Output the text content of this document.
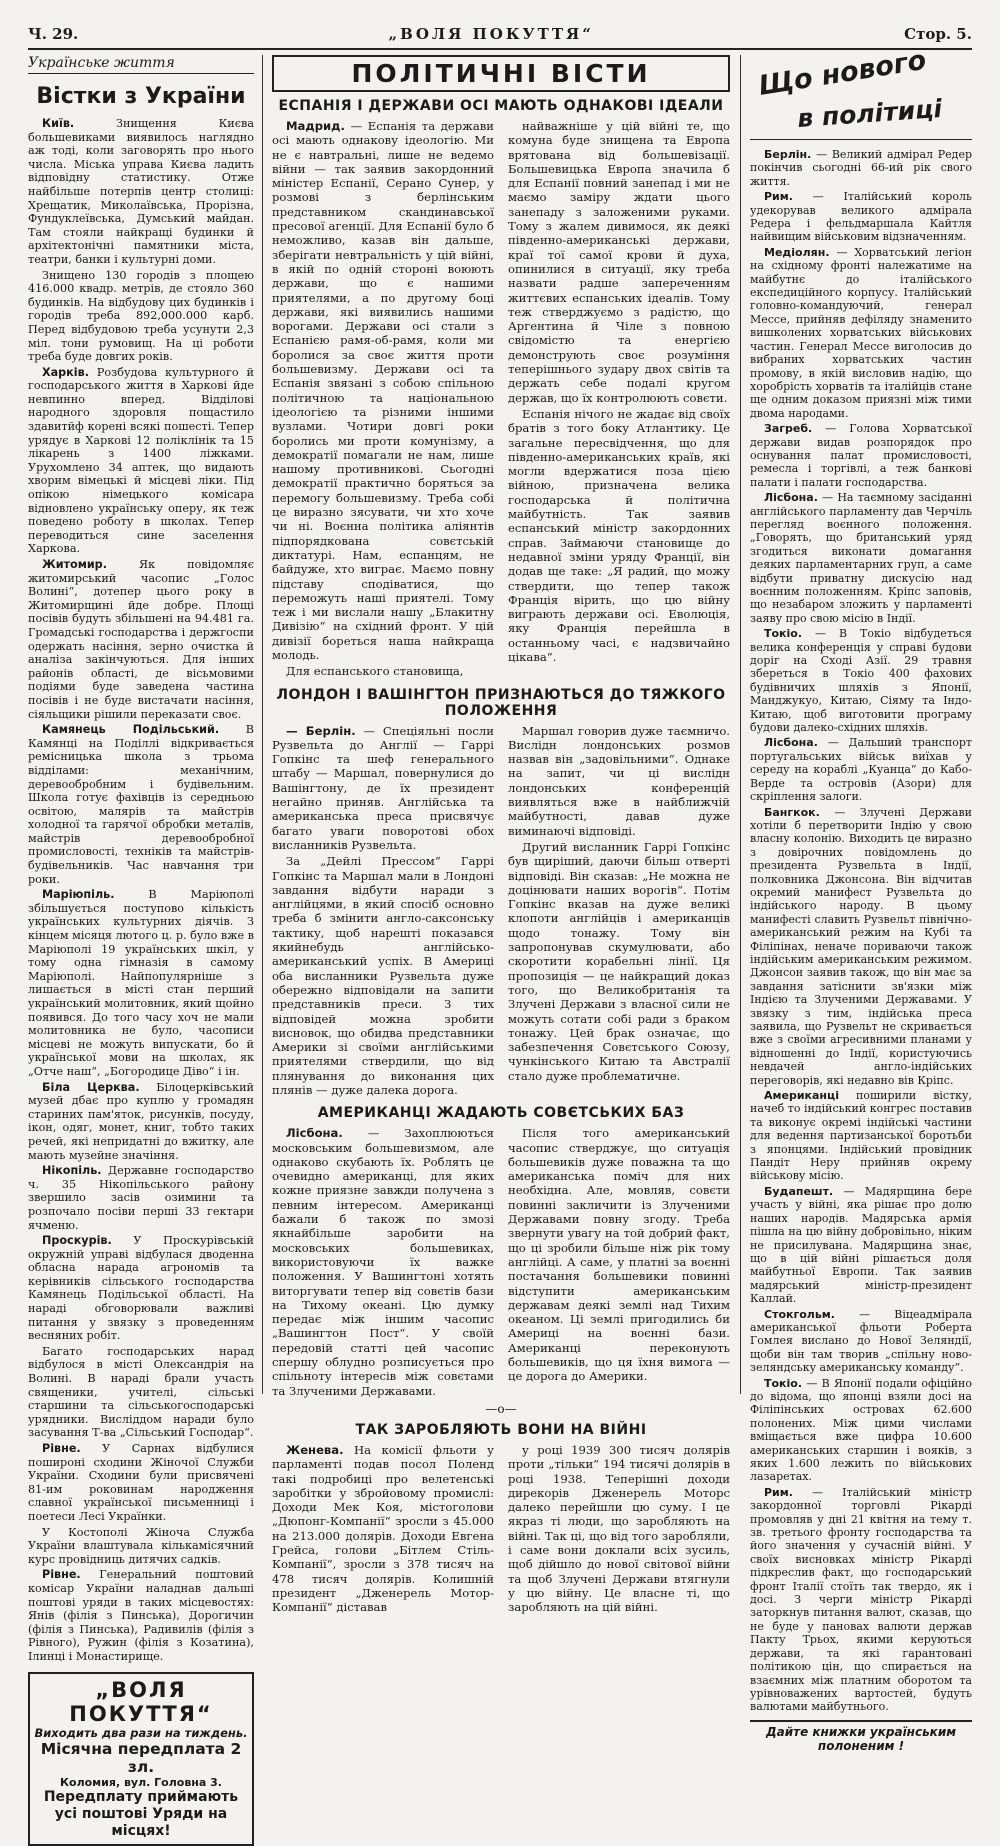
Ч. 29.	„ВОЛЯ ПОКУТТЯ“	Стор. 5.
Українське життя
Вістки з України

Київ.	Знищення Києва большевиками виявилось наглядно аж тоді, коли заговорять про нього числа. Міська управа Києва ладить відповідну статистику. Отже найбільше потерпів центр столиці: Хрещатик, Миколаївська, Прорізна, Фундуклеївська, Думський майдан. Там стояли найкращі будинки й архітектонічні памятники міста, театри, банки і культурні доми.

Знищено 130 городів з площею 416.000 квадр. метрів, де стояло 360 будинків. На відбудову цих будинків і городів треба 892,000.000 карб. Перед відбудовою треба усунути 2,3 міл. тони румовищ. На ці роботи треба буде довгих років.

Харків. Розбудова культурного й господарського життя в Харкові йде невпинно вперед. Відділові народного здоровля пощастило здавитйф корені всякі пошесті. Тепер урядує в Харкові 12 поліклінік та 15 лікарень з 1400 ліжками. Урухомлено 34 аптек, що видають хворим вімецькі й місцеві ліки. Під опікою німецького комісара відновлено українську оперу, як теж поведено роботу в школах. Тепер переводиться сине заселення Харкова.

Житомир.	Як повідомляє житомирський часопис „Голос Волині“, дотепер цього року в Житомирщині йде добре. Площі посівів будуть збільшені на 94.481 га. Громадські господарства і держгоспи одержать насіння, зерно очистка й аналіза закінчуються. Для інших районів області, де вісьмовими подіями буде заведена частина посівів і не буде вистачати насіння, сіяльщики рішили переказати своє.

Камянець Подільський. В Камянці на Поділлі відкривається ремісницька школа з трьома відділами: механічним, деревообробним і будівельним. Школа готує фахівців із середньою освітою, малярів та майстрів холодної та гарячої обробки металів, майстрів деревообробної промисловості, техніків та майстрів-будівельників. Час навчання три роки.

Маріюпіль.	В Маріюполі збільшується поступово кількість українських культурних діячів. З кінцем місяця лютого ц. р. було вже в Маріюполі 19 українських шкіл, у тому одна гімназія в самому Маріюполі. Найпопулярніше з лишається в місті стан перший український молитовник, який щойно появився. До того часу хоч не мали молитовника не було, часописи місцеві не можуть випускати, бо й української мови на школах, як „Отче наш“, „Богородице Діво“ і ін.

Біла Церква. Білоцерківський музей дбає про куплю у громадян стариних пам'яток, рисунків, посуду, ікон, одяг, монет, книг, тобто таких речей, які непридатні до вжитку, але мають музейне значіння.

Нікопіль. Державне господарство ч. 35 Нікопільського району звершило засів озимини та розпочало посіви перші 33 гектари ячменю.

Проскурів. У Проскурівській окружній управі відбулася дводенна обласна нарада агрономів та керівників сільського господарства Камянець Подільської області. На нараді обговорювали важливі питання у звязку з проведенням весняних робіт.

Багато господарських нарад відбулося в місті Олександрія на Волині. В нараді брали участь священики, учителі, сільські старшини та сільськогосподарські урядники. Висліддом наради було засування Т-ва „Сільський Господар“.

Рівне. У Сарнах відбулися пошироні сходини Жіночої Служби України. Сходини були присвячені 81-им роковинам народження славної української письменниці і поетеси Лесі Українки.

У Костополі Жіноча Служба України влаштувала кількамісячний курс провідниць дитячих садків.

Рівне. Генеральний поштовий комісар України наладнав дальші поштові уряди в таких місцевостях: Янів (філія з Пинська), Дорогичин (філія з Пинська), Радивилів (філія з Рівного), Ружин (філія з Козатина), Ілинці і Монастирище.

„ВОЛЯ ПОКУТТЯ“
Виходить два рази на тиждень.
Місячна передплата 2 зл.
Коломия, вул. Головна 3.
Передплату приймають усі поштові Уряди на місцях!
ПОЛІТИЧНІ ВІСТИ
ЕСПАНІЯ І ДЕРЖАВИ ОСІ МАЮТЬ ОДНАКОВІ ІДЕАЛИ

Мадрид. — Еспанія та держави осі мають однакову ідеологію. Ми не є навтральні, лише не ведемо війни — так заявив закордонний міністер Еспанії, Серано Сунер, у розмові з берлінським представником скандинавської пресової агенції. Для Еспанії було б неможливо, казав він дальше, зберігати невтральність у цій війні, в якій по одній стороні воюють держави, що є нашими приятелями, а по другому боці держави, які виявились нашими ворогами. Держави осі стали з Еспанією рамя-об-рамя, коли ми боролися за своє життя проти большевизму. Держави осі та Еспанія звязані з собою спільною політичною та національною ідеологією та різними іншими вузлами. Чотири довгі роки боролись ми проти комунізму, а демократії помагали не нам, лише нашому противникові. Сьогодні демократії практично боряться за перемогу большевизму. Треба собі це виразно зясувати, чи хто хоче чи ні. Воєнна політика аліянтів підпорядкована совєтській диктатурі. Нам, еспанцям, не байдуже, хто виграє. Маємо повну підставу сподіватися, що переможуть наші приятелі. Тому теж і ми вислали нашу „Блакитну Дивізію“ на східний фронт. У цій дивізії бореться наша найкраща молодь.

Для еспанського становища,

найважніше у цій війні те, що комуна буде знищена та Европа врятована від большевізації. Большевицька Европа значила б для Еспанії повний занепад і ми не маємо заміру ждати цього занепаду з заложеними руками. Тому з жалем дивимося, як деякі південно-американські держави, краї тої самої крови й духа, опинилися в ситуації, яку треба назвати радше запереченням життєвих еспанських ідеалів. Тому теж стверджуємо з радістю, що Аргентина й Чіле з повною свідомістю та енергією демонструють своє розуміння теперішнього зудару двох світів та держать себе подалі кругом держав, що їх контролюють совєти.

Еспанія нічого не жадає від своїх братів з того боку Атлантику. Це загальне пересвідчення, що для південно-американських країв, які могли вдержатися поза цією війною, призначена велика господарська й політична майбутність. Так заявив еспанський міністр закордонних справ. Займаючи становище до недавної зміни уряду Франції, він додав ще таке: „Я радий, що можу ствердити, що тепер також Франція вірить, що цю війну виграють держави осі. Еволюція, яку Франція перейшла в останньому часі, є надзвичайно цікава“.

ЛОНДОН І ВАШІНГТОН ПРИЗНАЮТЬСЯ ДО ТЯЖКОГО ПОЛОЖЕННЯ

— Берлін. — Спеціяльні посли Рузвельта до Англії — Гаррі Гопкінс та шеф генерального штабу — Маршал, повернулися до Вашінгтону, де їх президент негайно приняв. Англійська та американська преса присвячує багато уваги поворотові обох висланників Рузвельта.

За „Дейлі Прессом“ Гаррі Гопкінс та Маршал мали в Лондоні завдання відбути наради з англійцями, в який спосіб основно треба б змінити англо-саксонську тактику, щоб нарешті показався якийнебудь англійсько-американський успіх. В Америці оба висланники Рузвельта дуже обережно відповідали на запити представників преси. З тих відповідей можна зробити висновок, що обидва представники Америки зі своїми англійськими приятелями ствердили, що від плянування до виконання цих плянів — дуже далека дорога.

Маршал говорив дуже таємничо. Вислідн лондонських розмов назвав він „задовільними“. Однаке на запит, чи ці вислідн лондонських конференцій виявляться вже в найближчій майбутності, давав дуже виминаючі відповіді.

Другий висланник Гаррі Гопкінс був щиріший, даючи більш отверті відповіді. Він сказав: „Не можна не доцінювати наших ворогів“. Потім Гопкінс вказав на дуже великі клопоти англійців і американців щодо тонажу. Тому він запропонував скумулювати, або скоротити корабельні лінії. Ця пропозиція — це найкращий доказ того, що Великобританія та Злучені Держави з власної сили не можуть сотати собі ради з браком тонажу. Цей брак означає, що забезпечення Совєтського Союзу, чункінського Китаю та Австралії стало дуже проблематичне.

АМЕРИКАНЦІ ЖАДАЮТЬ СОВЄТСЬКИХ БАЗ

Лісбона. — Захоплюються московським большевизмом, але однаково скубають їх. Роблять це очевидно американці, для яких кожне приязне завжди получена з певним інтересом. Американці бажали б також по змозі якнайбільше заробити на московських большевиках, використовуючи їх важке положення. У Вашингтоні хотять виторгувати тепер від совєтів бази на Тихому океані. Цю думку передає між іншим часопис „Вашингтон Пост“. У своїй передовій статті цей часопис спершу облудно розписується про спільноту інтересів між совєтами та Злученими Державами.

Після того американський часопис стверджує, що ситуація большевиків дуже поважна та що американська поміч для них необхідна. Але, мовляв, совєти повинні закличити із Злученими Державами повну згоду. Треба звернути увагу на той добрий факт, що ці зробили більше ніж рік тому англійці. А саме, у платні за воєнні постачання большевики повинні відступити американським державам деякі землі над Тихим океаном. Ці землі пригодились би Америці на воєнні бази. Американці переконують большевиків, що ця їхня вимога — це дорога до Америки.

—о—
ТАК ЗАРОБЛЯЮТЬ ВОНИ НА ВІЙНІ

Женева. На комісії фльоти у парламенті подав посол Поленд такі подробиці про велетенські заробітки у збройовому промислі: Доходи Мек Коя, містоголови „Дюпонг-Компанії“ зросли з 45.000 на 213.000 долярів. Доходи Евгена Грейса, голови „Бітлем Стіль-Компанії“, зросли з 378 тисяч на 478 тисяч долярів. Колишній президент „Дженерель Мотор-Компанії“ діставав

у році 1939 300 тисяч долярів проти „тільки“ 194 тисячі долярів в році 1938. Теперішні доходи дирекорів Дженерель Моторс далеко перейшли цю суму. І це якраз ті люди, що заробляють на війні. Так ці, що від того заробляли, і саме вони доклали всіх зусиль, щоб дійшло до нової світової війни та щоб Злучені Держави втягнули у цю війну. Це власне ті, що заробляють на цій війні.

Що нового
в політиці

Берлін. — Великий адмірал Редер покінчив сьогодні 66-ий рік свого життя.

Рим. — Італійський король удекорував великого адмірала Редера і фельдмаршала Кайтля найвищим військовим відзначенням.

Медіолян. — Хорватський легіон на східному фронті належатиме на майбутнє до італійського експедиційного корпусу. Італійський головно-командуючий, генерал Мессе, прийняв дефіляду знаменито вишколених хорватських військових частин. Генерал Мессе виголосив до вибраних хорватських частин промову, в якій висловив надію, що хоробрість хорватів та італійців стане ще одним доказом приязні між тими двома народами.

Загреб. — Голова Хорватської держави видав розпорядок про оснування палат промисловості, ремесла і торгівлі, а теж банкові палати і палати господарства.

Лісбона. — На таємному засіданні англійського парламенту дав Черчіль перегляд воєнного положення. „Говорять, що британський уряд згодиться виконати домагання деяких парламентарних груп, а саме відбути приватну дискусію над воєнним положенням. Кріпс заповів, що незабаром зложить у парламенті заяву про свою місію в Індії.

Токіо. — В Токіо відбудеться велика конференція у справі будови доріг на Сході Азії. 29 травня збереться в Токіо 400 фахових будівничих шляхів з Японії, Манджукуо, Китаю, Сіяму та Індо-Китаю, щоб виготовити програму будови далеко-східних шляхів.

Лісбона. — Дальший транспорт португальських військ виїхав у середу на кораблі „Куанца“ до Кабо-Верде та островів (Азори) для скріплення залоги.

Бангкок. — Злучені Держави хотіли б перетворити Індію у свою власну колонію. Виходить це виразно з довірочних повідомлень до президента Рузвельта в Індії, полковника Джонсона. Він відчитав окремий манифест Рузвельта до індійського народу. В цьому манифесті славить Рузвельт північно-американський режим на Кубі та Філіпінах, неначе пориваючи також індійським американським режимом. Джонсон заявив також, що він має за завдання затіснити зв'язки між Індією та Злученими Державами. У звязку з тим, індійська преса заявила, що Рузвельт не скривається вже з своїми агресивними планами у відношенні до Індії, користуючись невдачей англо-індійських переговорів, які недавно вів Кріпс.

Американці поширили вістку, начеб то індійський конгрес поставив та виконує окремі індійські частини для ведення партизанської боротьби з японцями. Індійський провідник Пандіт Неру прийняв окрему військову місію.

Будапешт. — Мадярщина бере участь у війні, яка рішає про долю наших народів. Мадярська армія пішла на цю війну добровільно, ніким не присилувана. Мадярщина знає, що в цій війні рішається доля майбутньої Европи. Так заявив мадярський міністр-президент Каллай.

Стокгольм. — Віцеадмірала американської фльоти Роберта Гомлея вислано до Нової Зеляндії, щоби він там творив „спільну ново-зеляндську американську команду“.

Токіо. — В Японії подали офіційно до відома, що японці взяли досі на Філіпінських островах 62.600 полонених. Між цими числами вміщається вже цифра 10.600 американських старшин і вояків, з яких 1.600 лежить по військових лазаретах.

Рим. — Італійський міністр закордонної торговлі Рікарді промовляв у дні 21 квітня на тему т. зв. третього фронту господарства та його значення у сучасній війні. У своїх висновках міністр Рікарді підкреслив факт, що господарський фронт Італії стоїть так твердо, як і досі. З черги міністр Рікарді заторкнув питання валют, сказав, що не буде у пановах валюти держав Пакту Трьох, якими керуються держави, та які гарантовані політикою цін, що спирається на взаємних між платним оборотом та урівноважених вартостей, будуть валютами майбутнього.

Дайте книжки українським полоненим !
